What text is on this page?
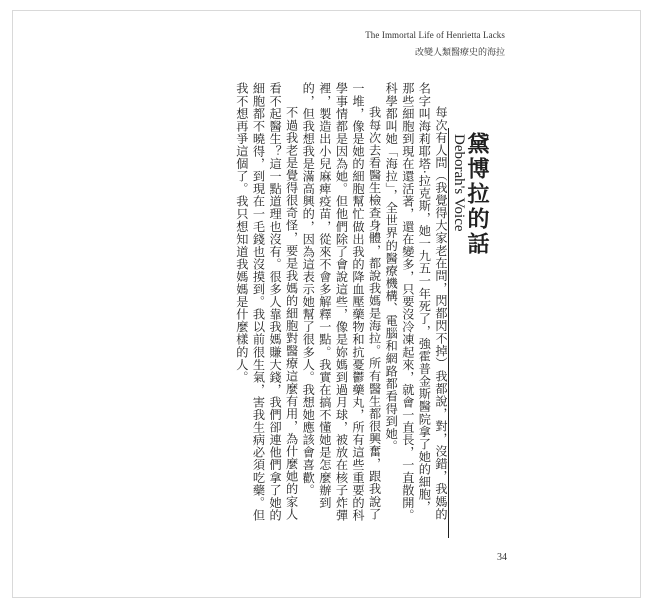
The Immortal Life of Henrietta Lacks
改變人類醫療史的海拉
黛博拉的話
Deborah's Voice

每次有人問（我覺得大家老在問，閃都閃不掉）我都說，對，沒錯，我媽的名字叫海莉耶塔·拉克斯，她一九五一年死了，強霍普金斯醫院拿了她的細胞，那些細胞到現在還活著，還在變多，只要沒冷凍起來，就會一直長，一直散開。科學都叫她「海拉」，全世界的醫療機構、電腦和網路都看得到她。

我每次去看醫生檢查身體，都說我媽是海拉。所有醫生都很興奮，跟我說了一堆，像是她的細胞幫忙做出我的降血壓藥物和抗憂鬱藥丸，所有這些重要的科學事情都是因為她。但他們除了會說這些，像是妳媽到過月球，被放在核子炸彈裡，製造出小兒麻痺疫苗，從來不會多解釋一點。我實在搞不懂她是怎麼辦到的，但我想我是滿高興的，因為這表示她幫了很多人。我想她應該會喜歡。

不過我老是覺得很奇怪，要是我媽的細胞對醫療這麼有用，為什麼她的家人看不起醫生？這一點道理也沒有。很多人靠我媽賺大錢，我們卻連他們拿了她的細胞都不曉得，到現在一毛錢也沒摸到。我以前很生氣，害我生病必須吃藥。但我不想再爭這個了。我只想知道我媽媽是什麼樣的人。

34
